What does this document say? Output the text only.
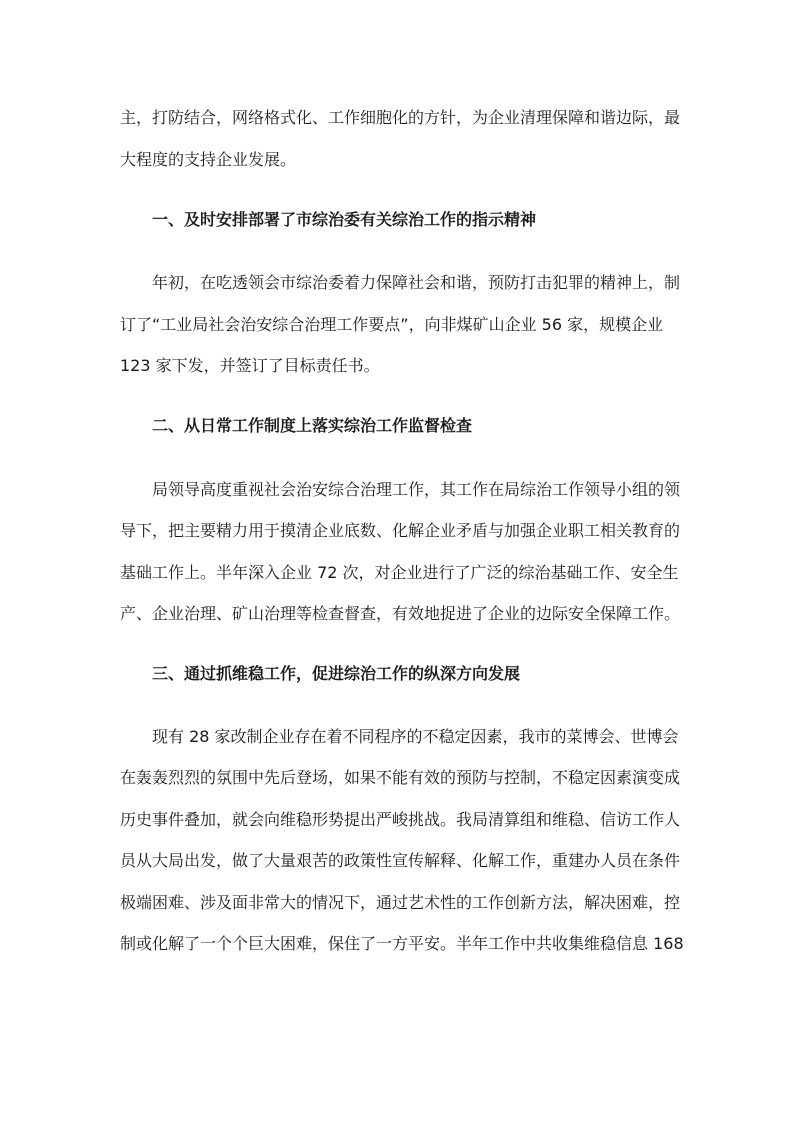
主，打防结合，网络格式化、工作细胞化的方针，为企业清理保障和谐边际，最
大程度的支持企业发展。
一、及时安排部署了市综治委有关综治工作的指示精神
年初，在吃透领会市综治委着力保障社会和谐，预防打击犯罪的精神上，制
订了“工业局社会治安综合治理工作要点”，向非煤矿山企业 56 家，规模企业
123 家下发，并签订了目标责任书。
二、从日常工作制度上落实综治工作监督检查
局领导高度重视社会治安综合治理工作，其工作在局综治工作领导小组的领
导下，把主要精力用于摸清企业底数、化解企业矛盾与加强企业职工相关教育的
基础工作上。半年深入企业 72 次，对企业进行了广泛的综治基础工作、安全生
产、企业治理、矿山治理等检查督查，有效地捉进了企业的边际安全保障工作。
三、通过抓维稳工作，促进综治工作的纵深方向发展
现有 28 家改制企业存在着不同程序的不稳定因素，我市的菜博会、世博会
在轰轰烈烈的氛围中先后登场，如果不能有效的预防与控制，不稳定因素演变成
历史事件叠加，就会向维稳形势提出严峻挑战。我局清算组和维稳、信访工作人
员从大局出发，做了大量艰苦的政策性宣传解释、化解工作，重建办人员在条件
极端困难、涉及面非常大的情况下，通过艺术性的工作创新方法，解决困难，控
制或化解了一个个巨大困难，保住了一方平安。半年工作中共收集维稳信息 168
